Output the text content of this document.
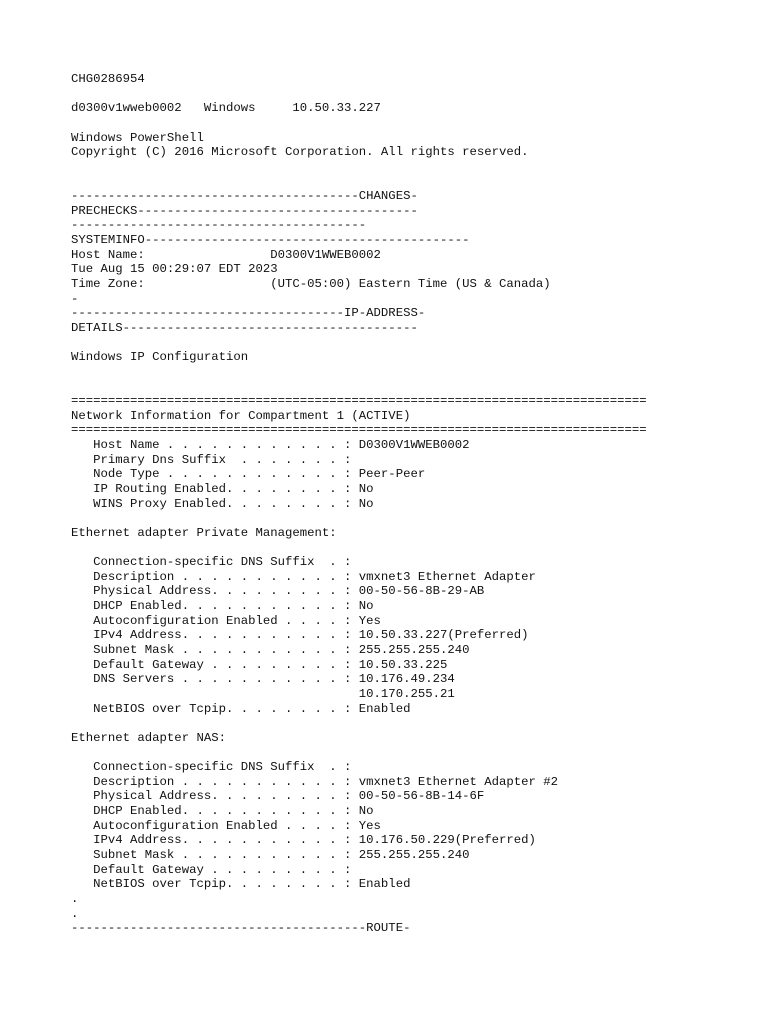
CHG0286954
d0300v1wweb0002   Windows     10.50.33.227
Windows PowerShell
Copyright (C) 2016 Microsoft Corporation. All rights reserved.
---------------------------------------CHANGES-
PRECHECKS--------------------------------------
----------------------------------------
SYSTEMINFO--------------------------------------------
Host Name:                 D0300V1WWEB0002
Tue Aug 15 00:29:07 EDT 2023
Time Zone:                 (UTC-05:00) Eastern Time (US & Canada)
-
-------------------------------------IP-ADDRESS-
DETAILS----------------------------------------
Windows IP Configuration
==============================================================================
Network Information for Compartment 1 (ACTIVE)
==============================================================================
Host Name . . . . . . . . . . . . : D0300V1WWEB0002
Primary Dns Suffix  . . . . . . . :
Node Type . . . . . . . . . . . . : Peer-Peer
IP Routing Enabled. . . . . . . . : No
WINS Proxy Enabled. . . . . . . . : No
Ethernet adapter Private Management:
Connection-specific DNS Suffix  . :
Description . . . . . . . . . . . : vmxnet3 Ethernet Adapter
Physical Address. . . . . . . . . : 00-50-56-8B-29-AB
DHCP Enabled. . . . . . . . . . . : No
Autoconfiguration Enabled . . . . : Yes
IPv4 Address. . . . . . . . . . . : 10.50.33.227(Preferred)
Subnet Mask . . . . . . . . . . . : 255.255.255.240
Default Gateway . . . . . . . . . : 10.50.33.225
DNS Servers . . . . . . . . . . . : 10.176.49.234
10.170.255.21
NetBIOS over Tcpip. . . . . . . . : Enabled
Ethernet adapter NAS:
Connection-specific DNS Suffix  . :
Description . . . . . . . . . . . : vmxnet3 Ethernet Adapter #2
Physical Address. . . . . . . . . : 00-50-56-8B-14-6F
DHCP Enabled. . . . . . . . . . . : No
Autoconfiguration Enabled . . . . : Yes
IPv4 Address. . . . . . . . . . . : 10.176.50.229(Preferred)
Subnet Mask . . . . . . . . . . . : 255.255.255.240
Default Gateway . . . . . . . . . :
NetBIOS over Tcpip. . . . . . . . : Enabled
.
.
----------------------------------------ROUTE-
